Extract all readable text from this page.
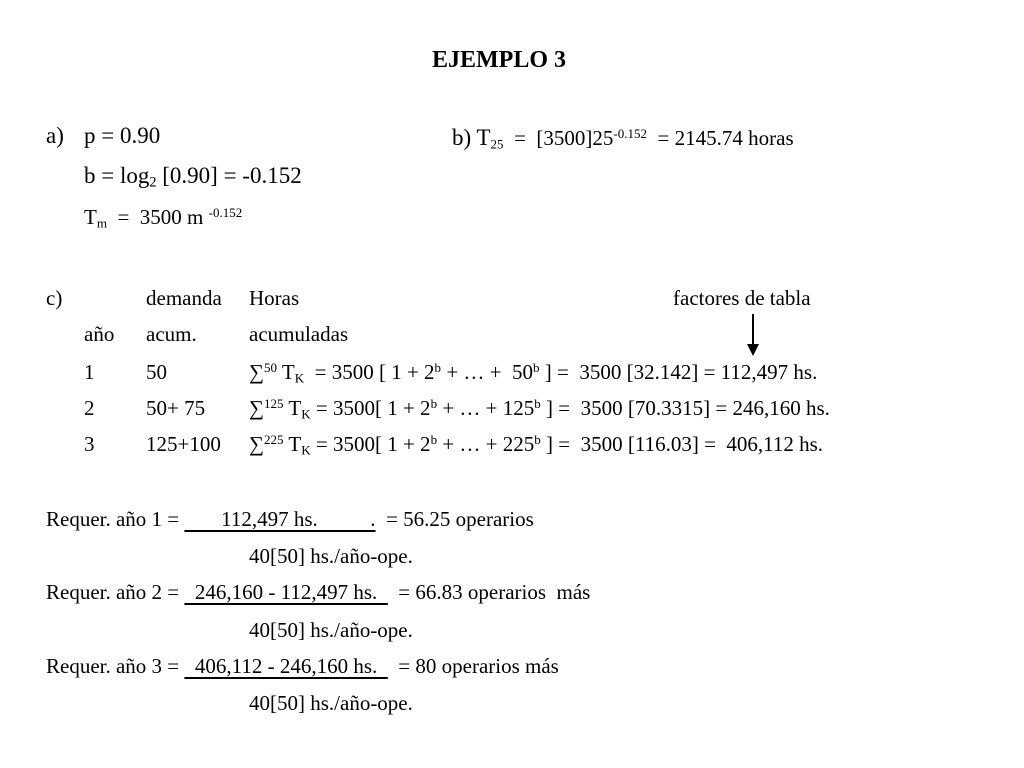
EJEMPLO 3
a) p = 0.90
$b = \log_2 [0.90] = -0.152$
$T_m = 3500$ m $^{-0.152}$
b) $T_{25} = [3500]25^{-0.152} = 2145.74$ horas
c)	demanda Horas	factores de tabla
año acum. acumuladas
1 50	∑$^{50}$ $T_K = 3500$ [ $1 + 2^b$ + … +  50$^b$ ] =  3500 [32.142] = 112,497 hs.
2 50+ 75 ∑$^{125}$ $T_K = 3500$[ $1 + 2^b$ + … + $125^b$ ] =  3500 [70.3315] = 246,160 hs.
3 125+100 ∑$^{225}$ $T_K = 3500$[ $1 + 2^b$ + … + $225^b$ ] =  3500 [116.03] =  406,112 hs.
Requer. año 1 =        112,497 hs.          .  = 56.25 operarios
40[50] hs./año-ope.
Requer. año 2 =   246,160 - 112,497 hs.    = 66.83 operarios  más
40[50] hs./año-ope.
Requer. año 3 =   406,112 - 246,160 hs.    = 80 operarios más
40[50] hs./año-ope.
